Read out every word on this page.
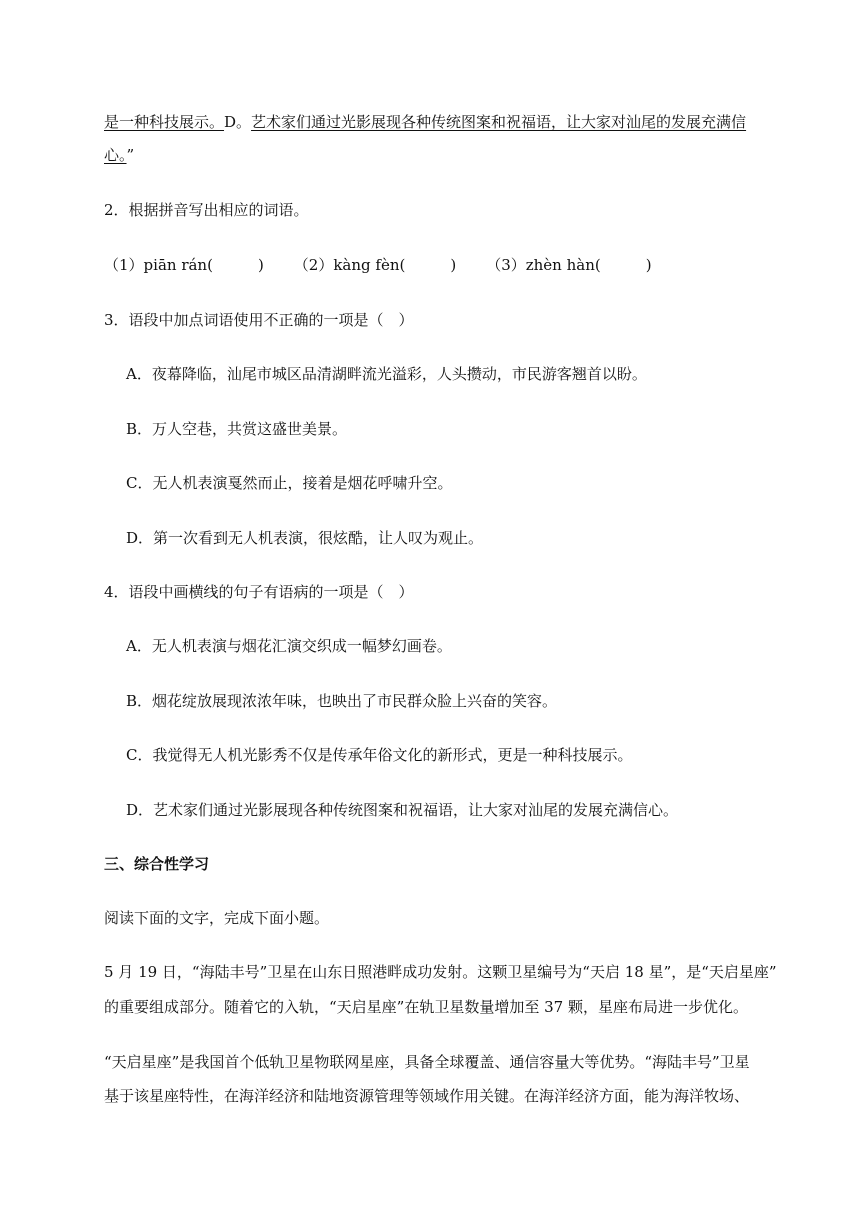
是一种科技展示。D。艺术家们通过光影展现各种传统图案和祝福语，让大家对汕尾的发展充满信
心。”
2．根据拼音写出相应的词语。
（1）piān rán(　　　) （2）kàng fèn(　　　) （3）zhèn hàn(　　　)
3．语段中加点词语使用不正确的一项是（　）
A．夜幕降临，汕尾市城区品清湖畔流光溢彩，人头攒动，市民游客翘首以盼。
B．万人空巷，共赏这盛世美景。
C．无人机表演戛然而止，接着是烟花呼啸升空。
D．第一次看到无人机表演，很炫酷，让人叹为观止。
4．语段中画横线的句子有语病的一项是（　）
A．无人机表演与烟花汇演交织成一幅梦幻画卷。
B．烟花绽放展现浓浓年味，也映出了市民群众脸上兴奋的笑容。
C．我觉得无人机光影秀不仅是传承年俗文化的新形式，更是一种科技展示。
D．艺术家们通过光影展现各种传统图案和祝福语，让大家对汕尾的发展充满信心。
三、综合性学习
阅读下面的文字，完成下面小题。
5 月 19 日，“海陆丰号”卫星在山东日照港畔成功发射。这颗卫星编号为“天启 18 星”，是“天启星座”
的重要组成部分。随着它的入轨，“天启星座”在轨卫星数量增加至 37 颗，星座布局进一步优化。
“天启星座”是我国首个低轨卫星物联网星座，具备全球覆盖、通信容量大等优势。“海陆丰号”卫星
基于该星座特性，在海洋经济和陆地资源管理等领域作用关键。在海洋经济方面，能为海洋牧场、
